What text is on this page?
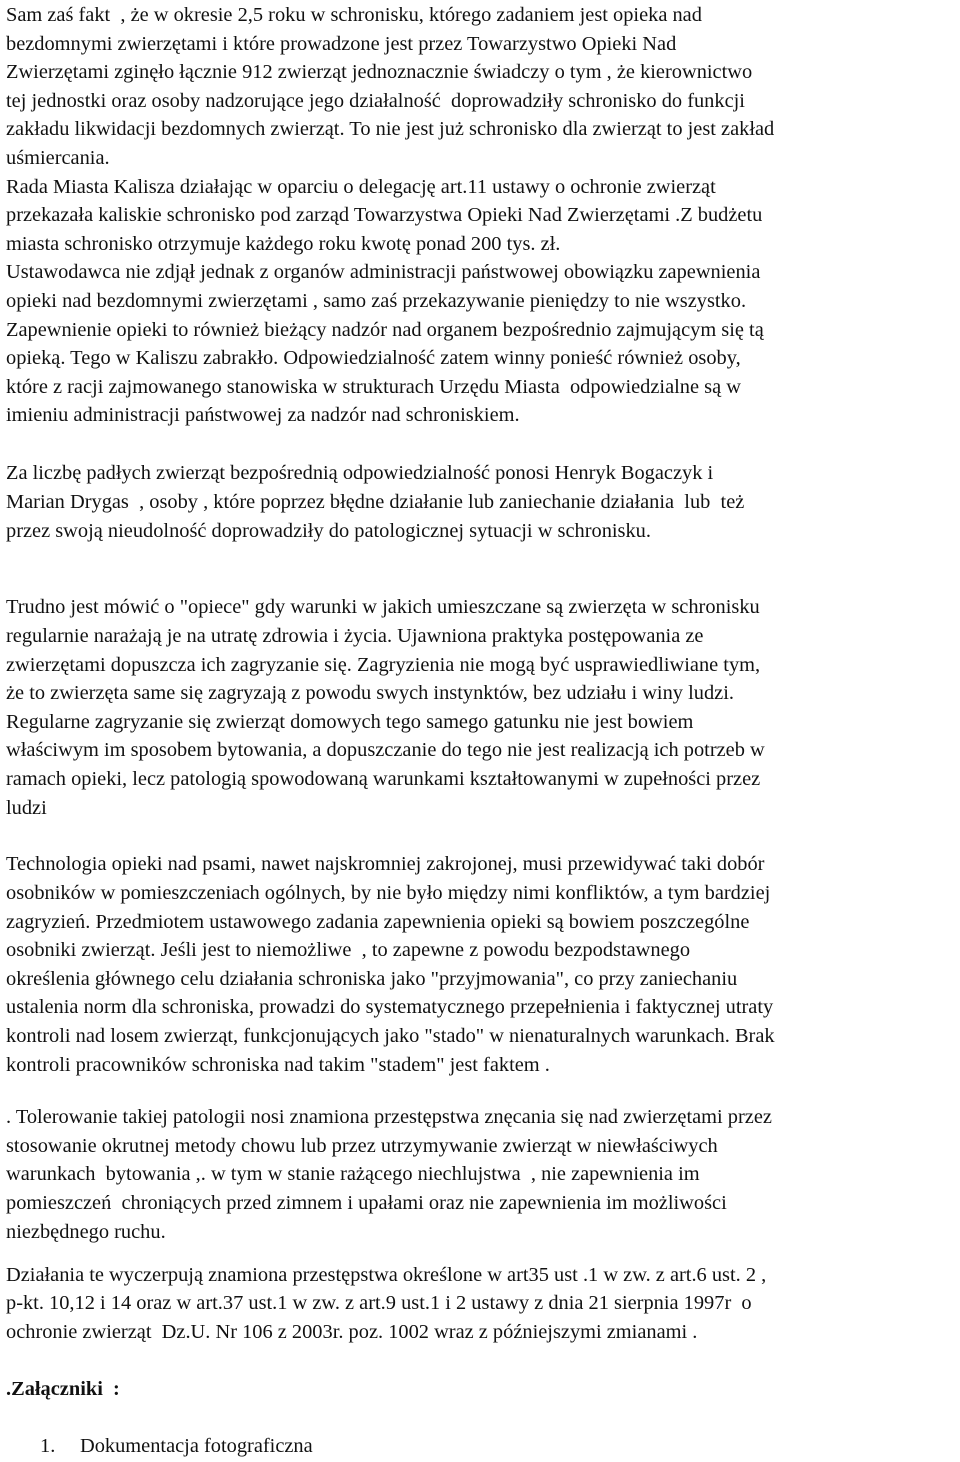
Sam zaś fakt  , że w okresie 2,5 roku w schronisku, którego zadaniem jest opieka nad
bezdomnymi zwierzętami i które prowadzone jest przez Towarzystwo Opieki Nad
Zwierzętami zginęło łącznie 912 zwierząt jednoznacznie świadczy o tym , że kierownictwo
tej jednostki oraz osoby nadzorujące jego działalność  doprowadziły schronisko do funkcji
zakładu likwidacji bezdomnych zwierząt. To nie jest już schronisko dla zwierząt to jest zakład
uśmiercania.
Rada Miasta Kalisza działając w oparciu o delegację art.11 ustawy o ochronie zwierząt
przekazała kaliskie schronisko pod zarząd Towarzystwa Opieki Nad Zwierzętami .Z budżetu
miasta schronisko otrzymuje każdego roku kwotę ponad 200 tys. zł.
Ustawodawca nie zdjął jednak z organów administracji państwowej obowiązku zapewnienia
opieki nad bezdomnymi zwierzętami , samo zaś przekazywanie pieniędzy to nie wszystko.
Zapewnienie opieki to również bieżący nadzór nad organem bezpośrednio zajmującym się tą
opieką. Tego w Kaliszu zabrakło. Odpowiedzialność zatem winny ponieść również osoby,
które z racji zajmowanego stanowiska w strukturach Urzędu Miasta  odpowiedzialne są w
imieniu administracji państwowej za nadzór nad schroniskiem.
Za liczbę padłych zwierząt bezpośrednią odpowiedzialność ponosi Henryk Bogaczyk i
Marian Drygas  , osoby , które poprzez błędne działanie lub zaniechanie działania  lub  też
przez swoją nieudolność doprowadziły do patologicznej sytuacji w schronisku.
Trudno jest mówić o "opiece" gdy warunki w jakich umieszczane są zwierzęta w schronisku
regularnie narażają je na utratę zdrowia i życia. Ujawniona praktyka postępowania ze
zwierzętami dopuszcza ich zagryzanie się. Zagryzienia nie mogą być usprawiedliwiane tym,
że to zwierzęta same się zagryzają z powodu swych instynktów, bez udziału i winy ludzi.
Regularne zagryzanie się zwierząt domowych tego samego gatunku nie jest bowiem
właściwym im sposobem bytowania, a dopuszczanie do tego nie jest realizacją ich potrzeb w
ramach opieki, lecz patologią spowodowaną warunkami kształtowanymi w zupełności przez
ludzi
Technologia opieki nad psami, nawet najskromniej zakrojonej, musi przewidywać taki dobór
osobników w pomieszczeniach ogólnych, by nie było między nimi konfliktów, a tym bardziej
zagryzień. Przedmiotem ustawowego zadania zapewnienia opieki są bowiem poszczególne
osobniki zwierząt. Jeśli jest to niemożliwe  , to zapewne z powodu bezpodstawnego
określenia głównego celu działania schroniska jako "przyjmowania", co przy zaniechaniu
ustalenia norm dla schroniska, prowadzi do systematycznego przepełnienia i faktycznej utraty
kontroli nad losem zwierząt, funkcjonujących jako "stado" w nienaturalnych warunkach. Brak
kontroli pracowników schroniska nad takim "stadem" jest faktem .
. Tolerowanie takiej patologii nosi znamiona przestępstwa znęcania się nad zwierzętami przez
stosowanie okrutnej metody chowu lub przez utrzymywanie zwierząt w niewłaściwych
warunkach  bytowania ,. w tym w stanie rażącego niechlujstwa  , nie zapewnienia im
pomieszczeń  chroniących przed zimnem i upałami oraz nie zapewnienia im możliwości
niezbędnego ruchu.
Działania te wyczerpują znamiona przestępstwa określone w art35 ust .1 w zw. z art.6 ust. 2 ,
p-kt. 10,12 i 14 oraz w art.37 ust.1 w zw. z art.9 ust.1 i 2 ustawy z dnia 21 sierpnia 1997r  o
ochronie zwierząt  Dz.U. Nr 106 z 2003r. poz. 1002 wraz z późniejszymi zmianami .
.Załączniki  :
1. Dokumentacja fotograficzna
